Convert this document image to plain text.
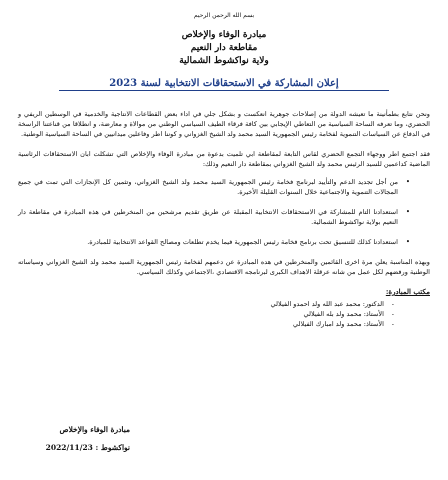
بسم الله الرحمن الرحيم
مبادرة الوفاء والإخلاص
مقاطعة دار النعيم
ولاية نواكشوط الشمالية
إعلان المشاركة في الاستحقاقات الانتخابية لسنة 2023

ونحن نتابع بطمأنينة ما تعيشه الدولة من إصلاحات جوهرية انعكست و بشكل جلي في اداء بعض القطاعات الانتاجية والخدمية في الوسطين الريفي و الحضري، وما تعرفه الساحة السياسية من التعاطي الإيجابي بين كافة فرقاء الطيف السياسي الوطني من موالاة و معارضة، و انطلاقا من قناعتنا الراسخة في الدفاع عن السياسات التنموية لفخامة رئيس الجمهورية السيد محمد ولد الشيخ الغزواني و كوننا اطر وفاعلين ميدانيين في الساحة السياسية الوطنية.

فقد اجتمع اطر ووجهاء التجمع الحضري لقاس التابعة لمقاطعة ابي تلميت بدعوة من مبادرة الوفاء والإخلاص التي تشكلت ابان الاستحقاقات الرئاسية الماضية كداعمين للسيد الرئيس محمد ولد الشيخ الغزواني بمقاطعة دار النعيم وذلك:

•
من أجل تجديد الدعم والتأييد لبرنامج فخامة رئيس الجمهورية السيد محمد ولد الشيخ الغزواني، وتثمين كل الإنجازات التي تمت في جميع المجالات التنموية والاجتماعية خلال السنوات القليلة الأخيرة.
•
استعدادنا التام للمشاركة في الاستحقاقات الانتخابية المقبلة عن طريق تقديم مرشحين من المنخرطين في هذه المبادرة في مقاطعة دار النعيم بولاية نواكشوط الشمالية.
•
استعدادنا كذلك للتنسيق تحت برنامج فخامة رئيس الجمهورية فيما يخدم تطلعات ومصالح القواعد الانتخابية للمبادرة.

وبهذه المناسبة يعلن مرة اخرى القائمين والمنخرطين في هده المبادرة عن دعمهم لفخامة رئيس الجمهورية السيد محمد ولد الشيخ الغزواني وسياساته الوطنية ورفضهم لكل عمل من شانه عرقلة الاهداف الكبرى لبرنامجه الاقتصادي ،الاجتماعي وكذلك السياسي.

مكتب المبادرة:
-
الدكتور: محمد عبد الله ولد احمدو الفيلالي
-
الأستاذ: محمد ولد بله الفيلالي
-
الأستاذ: محمد ولد امبارك الفيلالي
مبادرة الوفاء والإخلاص
نواكشوط : 2022/11/23
